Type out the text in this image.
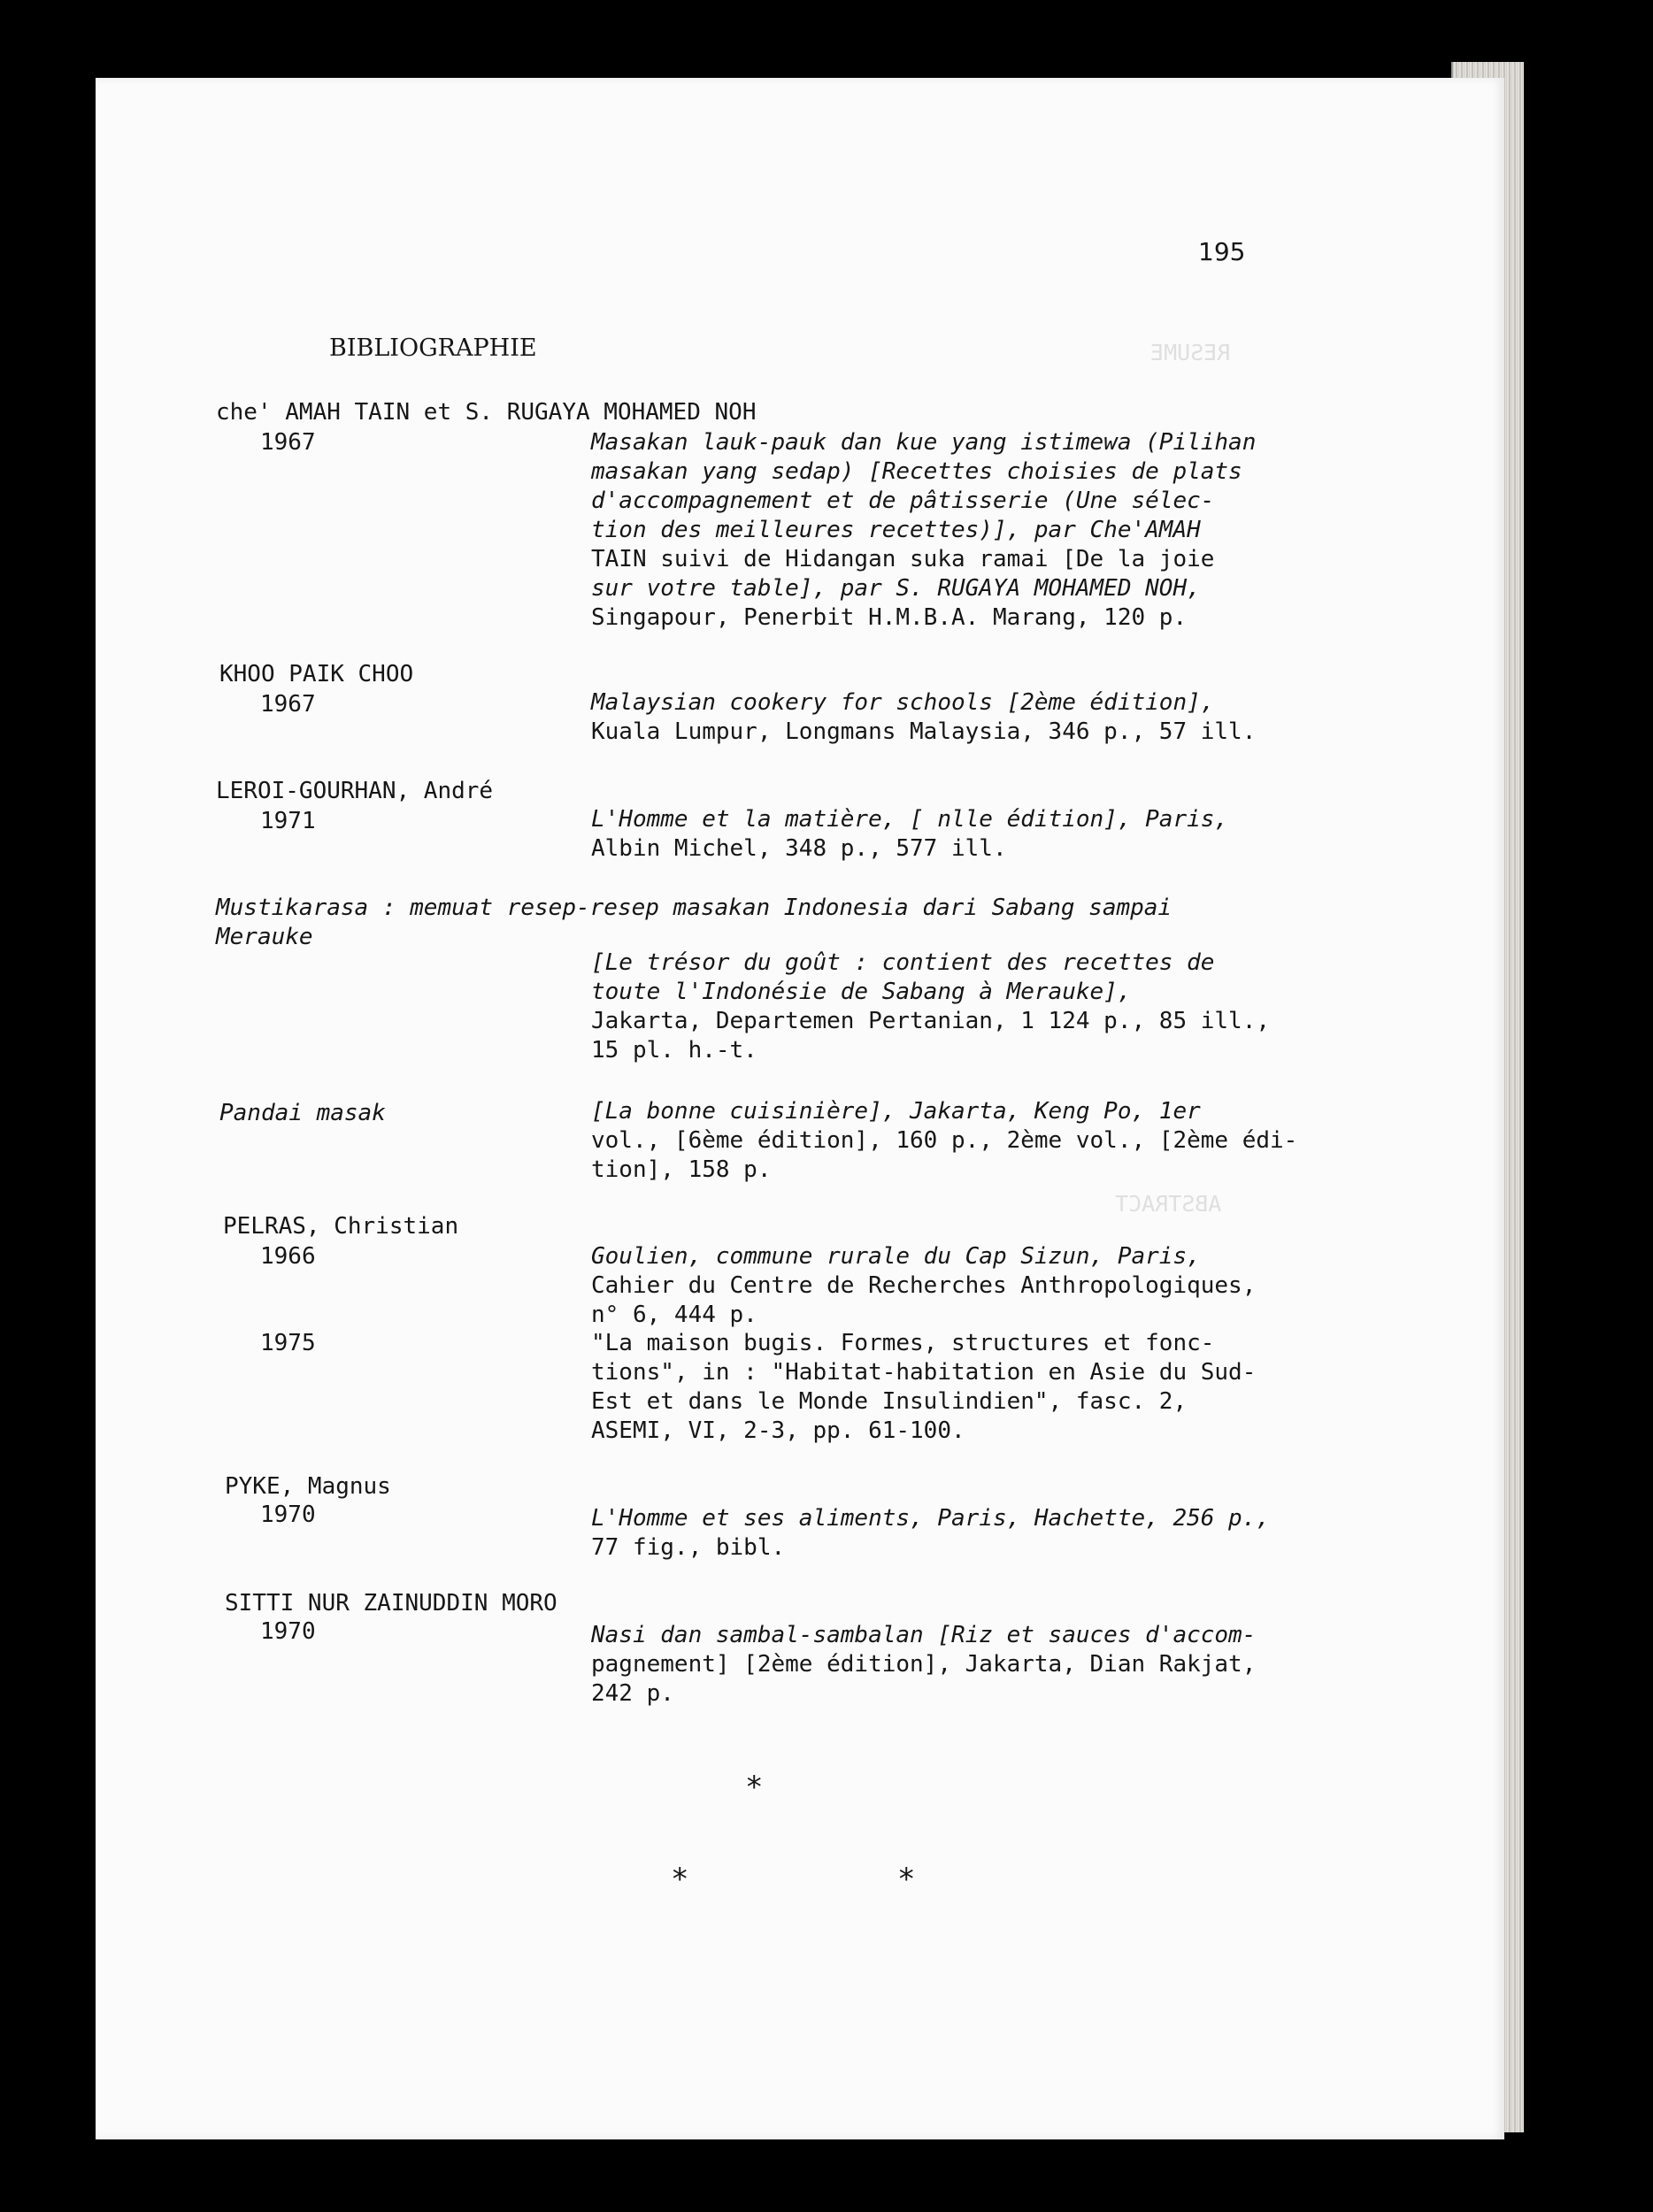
RESUME
ABSTRACT
195
BIBLIOGRAPHIE
che' AMAH TAIN et S. RUGAYA MOHAMED NOH
1967	Masakan lauk-pauk dan kue yang istimewa (Pilihan
masakan yang sedap) [Recettes choisies de plats
d'accompagnement et de pâtisserie (Une sélec-
tion des meilleures recettes)], par Che'AMAH
TAIN suivi de Hidangan suka ramai [De la joie
sur votre table], par S. RUGAYA MOHAMED NOH,
Singapour, Penerbit H.M.B.A. Marang, 120 p.
KHOO PAIK CHOO
1967	Malaysian cookery for schools [2ème édition],
Kuala Lumpur, Longmans Malaysia, 346 p., 57 ill.
LEROI-GOURHAN, André
1971	L'Homme et la matière, [ nlle édition], Paris,
Albin Michel, 348 p., 577 ill.
Mustikarasa : memuat resep-resep masakan Indonesia dari Sabang sampai
Merauke
[Le trésor du goût : contient des recettes de
toute l'Indonésie de Sabang à Merauke],
Jakarta, Departemen Pertanian, 1 124 p., 85 ill.,
15 pl. h.-t.
Pandai masak	[La bonne cuisinière], Jakarta, Keng Po, 1er
vol., [6ème édition], 160 p., 2ème vol., [2ème édi-
tion], 158 p.
PELRAS, Christian
1966	Goulien, commune rurale du Cap Sizun, Paris,
Cahier du Centre de Recherches Anthropologiques,
n° 6, 444 p.
1975	"La maison bugis. Formes, structures et fonc-
tions", in : "Habitat-habitation en Asie du Sud-
Est et dans le Monde Insulindien", fasc. 2,
ASEMI, VI, 2-3, pp. 61-100.
PYKE, Magnus
1970	L'Homme et ses aliments, Paris, Hachette, 256 p.,
77 fig., bibl.
SITTI NUR ZAINUDDIN MORO
1970	Nasi dan sambal-sambalan [Riz et sauces d'accom-
pagnement] [2ème édition], Jakarta, Dian Rakjat,
242 p.
*
*	*
